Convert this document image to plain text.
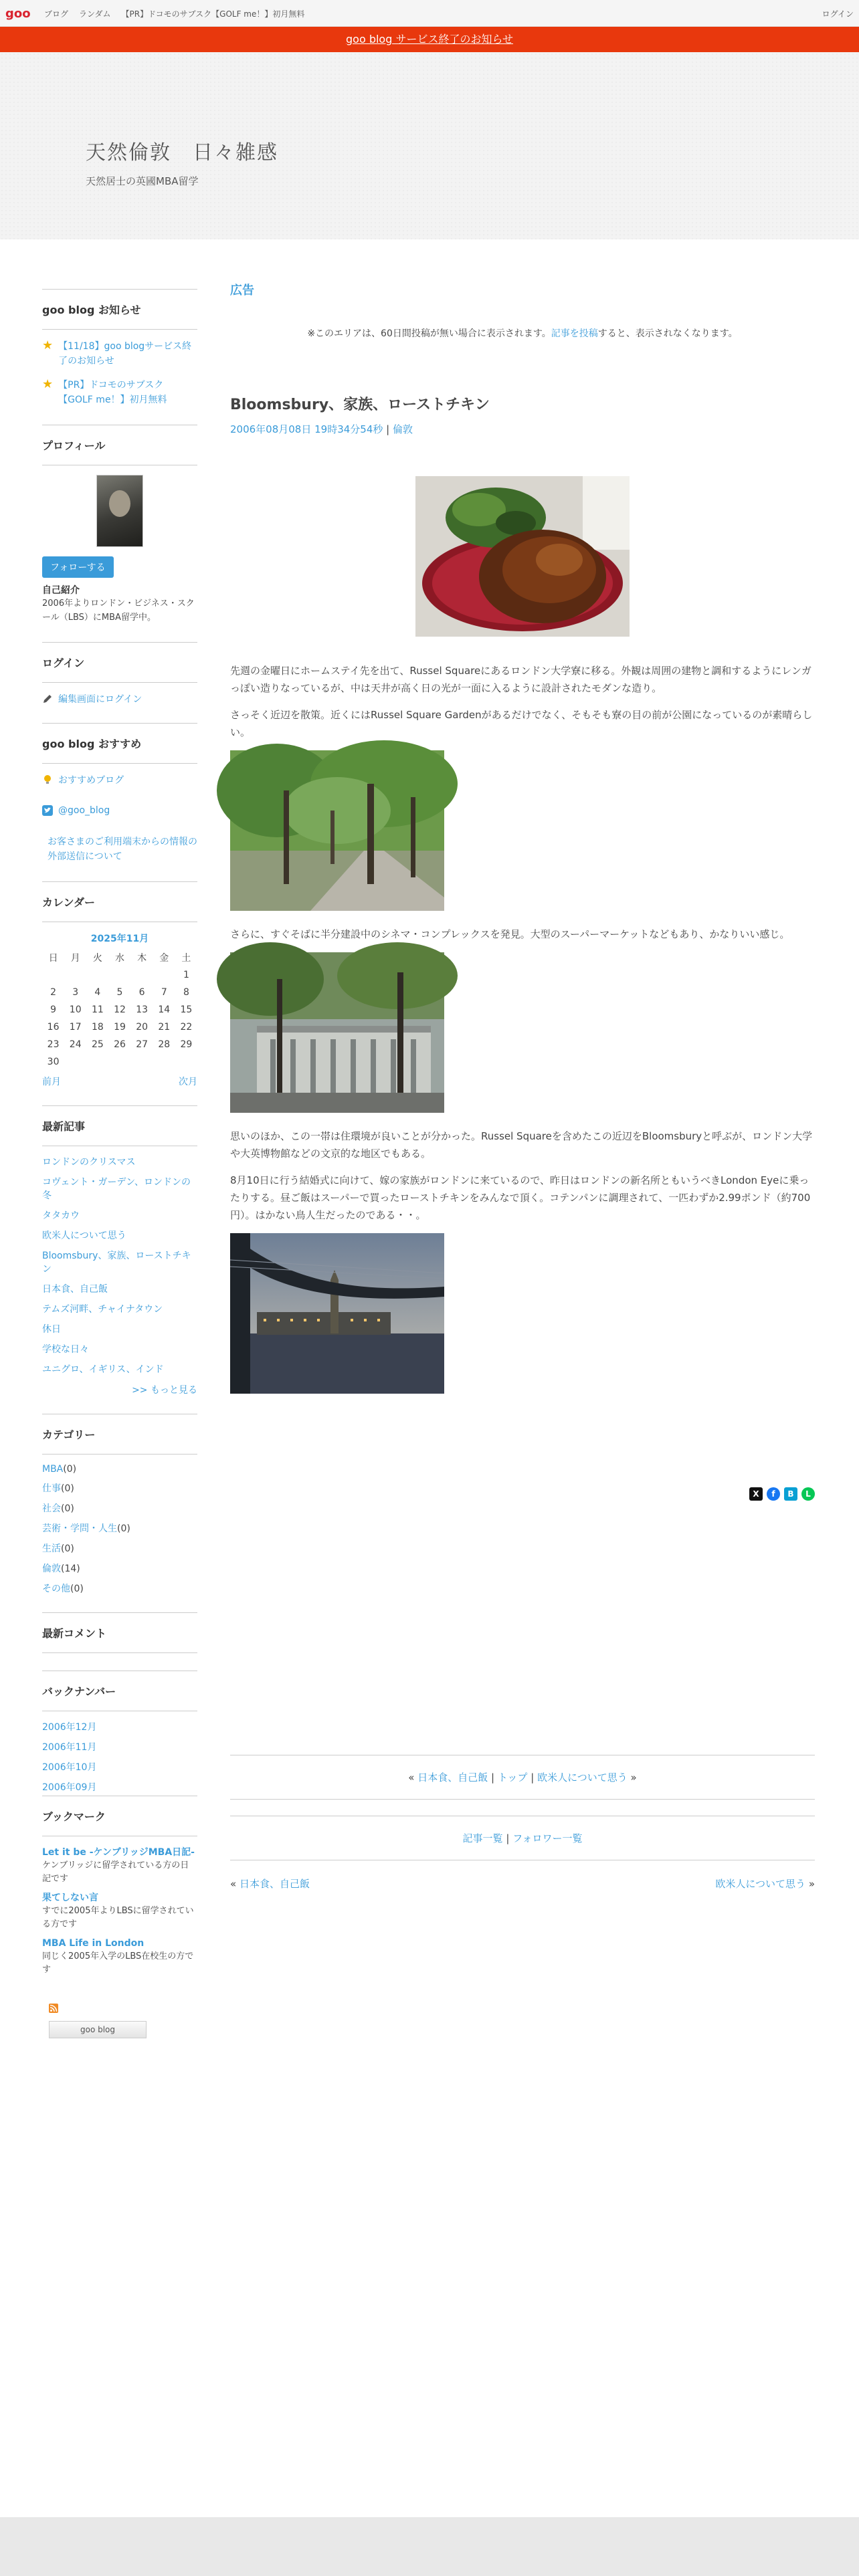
goo ブログ ランダム 【PR】ドコモのサブスク【GOLF me！】初月無料	ログイン
goo blog サービス終了のお知らせ
天然倫敦　日々雑感
天然居士の英國MBA留学
goo blog お知らせ
★ 【11/18】goo blogサービス終了のお知らせ
★ 【PR】ドコモのサブスク【GOLF me！】初月無料
プロフィール
フォローする
自己紹介
2006年よりロンドン・ビジネス・スクール（LBS）にMBA留学中。
ログイン
編集画面にログイン
goo blog おすすめ
おすすめブログ
@goo_blog
お客さまのご利用端末からの情報の外部送信について
カレンダー
2025年11月
日	月	火	水	木	金	土
						1
2	3	4	5	6	7	8
9	10	11	12	13	14	15
16	17	18	19	20	21	22
23	24	25	26	27	28	29
30						
前月	次月
最新記事
ロンドンのクリスマス
コヴェント・ガーデン、ロンドンの冬
タタカウ
欧米人について思う
Bloomsbury、家族、ローストチキン
日本食、自己飯
テムズ河畔、チャイナタウン
休日
学校な日々
ユニグロ、イギリス、インド
>> もっと見る
カテゴリー
MBA(0)
仕事(0)
社会(0)
芸術・学問・人生(0)
生活(0)
倫敦(14)
その他(0)
最新コメント
バックナンバー
2006年12月
2006年11月
2006年10月
2006年09月
ブックマーク
Let it be -ケンブリッジMBA日記-
ケンブリッジに留学されている方の日記です
果てしない言
すでに2005年よりLBSに留学されている方です
MBA Life in London
同じく2005年入学のLBS在校生の方です
goo blog
広告
※このエリアは、60日間投稿が無い場合に表示されます。記事を投稿すると、表示されなくなります。
Bloomsbury、家族、ローストチキン
2006年08月08日 19時34分54秒 | 倫敦

先週の金曜日にホームステイ先を出て、Russel Squareにあるロンドン大学寮に移る。外観は周囲の建物と調和するようにレンガっぽい造りなっているが、中は天井が高く日の光が一面に入るように設計されたモダンな造り。

さっそく近辺を散策。近くにはRussel Square Gardenがあるだけでなく、そもそも寮の目の前が公園になっているのが素晴らしい。

さらに、すぐそばに半分建設中のシネマ・コンプレックスを発見。大型のスーパーマーケットなどもあり、かなりいい感じ。

思いのほか、この一帯は住環境が良いことが分かった。Russel Squareを含めたこの近辺をBloomsburyと呼ぶが、ロンドン大学や大英博物館などの文京的な地区でもある。

8月10日に行う結婚式に向けて、嫁の家族がロンドンに来ているので、昨日はロンドンの新名所ともいうべきLondon Eyeに乗ったりする。昼ご飯はスーパーで買ったローストチキンをみんなで頂く。コテンパンに調理されて、一匹わずか2.99ポンド（約700円）。はかない鳥人生だったのである・・。

X	f	B	L
« 日本食、自己飯 | トップ | 欧米人について思う »
記事一覧 | フォロワー一覧
« 日本食、自己飯	欧米人について思う »
